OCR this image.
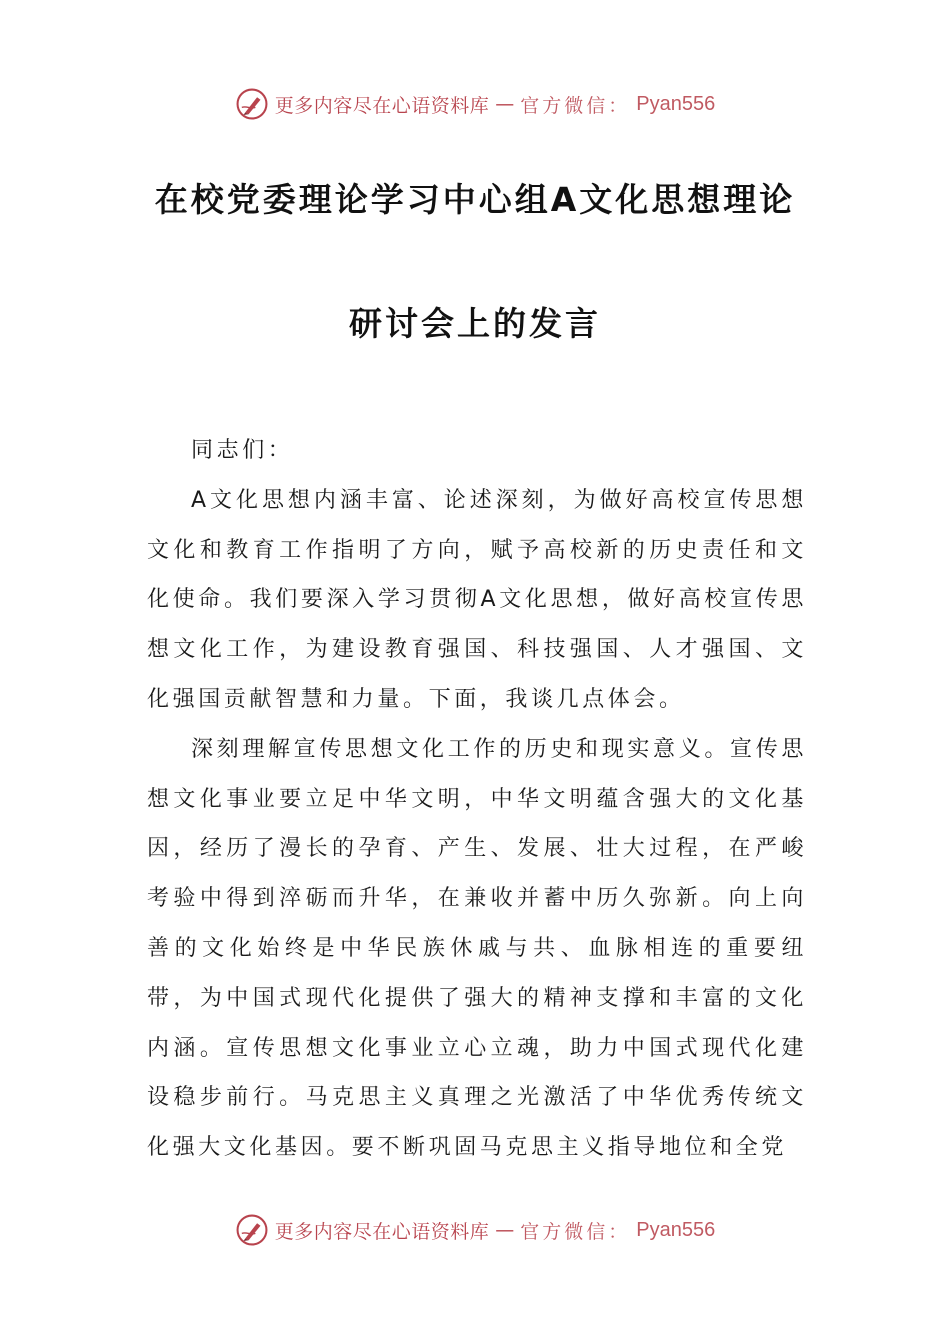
更多内容尽在心语资料库 — 官方微信： Pyan556
在校党委理论学习中心组A文化思想理论
研讨会上的发言

同志们：

A文化思想内涵丰富、论述深刻，为做好高校宣传思想文化和教育工作指明了方向，赋予高校新的历史责任和文化使命。我们要深入学习贯彻A文化思想，做好高校宣传思想文化工作，为建设教育强国、科技强国、人才强国、文化强国贡献智慧和力量。下面，我谈几点体会。

深刻理解宣传思想文化工作的历史和现实意义。宣传思想文化事业要立足中华文明，中华文明蕴含强大的文化基因，经历了漫长的孕育、产生、发展、壮大过程，在严峻考验中得到淬砺而升华，在兼收并蓄中历久弥新。向上向善的文化始终是中华民族休戚与共、血脉相连的重要纽带，为中国式现代化提供了强大的精神支撑和丰富的文化内涵。宣传思想文化事业立心立魂，助力中国式现代化建设稳步前行。马克思主义真理之光激活了中华优秀传统文化强大文化基因。要不断巩固马克思主义指导地位和全党

更多内容尽在心语资料库 — 官方微信： Pyan556
